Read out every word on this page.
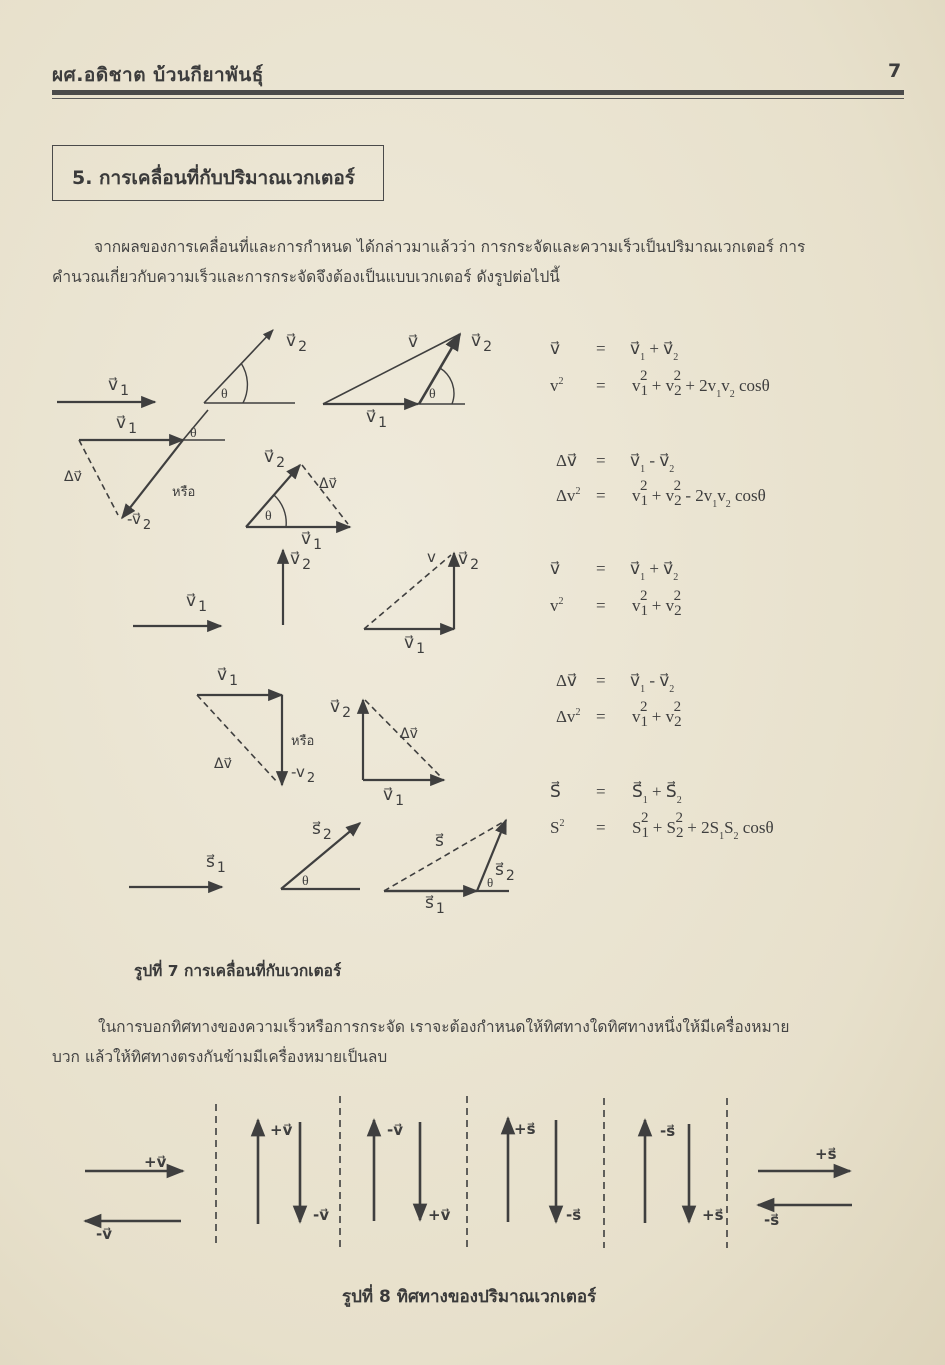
ผศ.อดิชาต บ้วนกียาพันธุ์	7
5. การเคลื่อนที่กับปริมาณเวกเตอร์
จากผลของการเคลื่อนที่และการกำหนด ได้กล่าวมาแล้วว่า การกระจัดและความเร็วเป็นปริมาณเวกเตอร์ การ
คำนวณเกี่ยวกับความเร็วและการกระจัดจึงต้องเป็นแบบเวกเตอร์ ดังรูปต่อไปนี้
v⃗ $_1$
v⃗ $_2$
θ
v⃗	v⃗ $_2$
θ
v⃗ $_1$
v⃗ $_1$	θ
Δv⃗
หรือ
-v⃗ 2
v⃗ $_2$
Δv⃗
θ
v⃗ $_1$
v⃗ $_2$
v⃗ $_1$
v v⃗ $_2$
v⃗ $_1$
v⃗ $_1$
หรือ
Δv⃗	-v 2
v⃗ $_2$
Δv⃗
v⃗ $_1$
s⃗ $_1$
s⃗ $_2$
θ
s⃗
s⃗ $_2$
θ
s⃗ $_1$
v⃗ = $v⃗_1$ + $v⃗_2$
$v^2 = v12 + v22 + 2v_1v_2$ cosθ
Δv⃗ = $v⃗_1$ - $v⃗_2$
$\Delta v^2 = v12 + v22 - 2v_1v_2$ cosθ
v⃗ = $v⃗_1$ + $v⃗_2$
$v^2 = v12 + v22$
Δv⃗ = $v⃗_1$ - $v⃗_2$
$\Delta v^2 = v12 + v22$
S⃗ = $S⃗_1$ + $S⃗_2$
$S^2 = S12 + S22 + 2S_1S_2$ cosθ
+v⃗
-v⃗
+v⃗
-v⃗
-v⃗
+v⃗
+s⃗
-s⃗
-s⃗
+s⃗
+s⃗
-s⃗
รูปที่ 7 การเคลื่อนที่กับเวกเตอร์
ในการบอกทิศทางของความเร็วหรือการกระจัด เราจะต้องกำหนดให้ทิศทางใดทิศทางหนึ่งให้มีเครื่องหมาย
บวก แล้วให้ทิศทางตรงกันข้ามมีเครื่องหมายเป็นลบ
รูปที่ 8 ทิศทางของปริมาณเวกเตอร์
